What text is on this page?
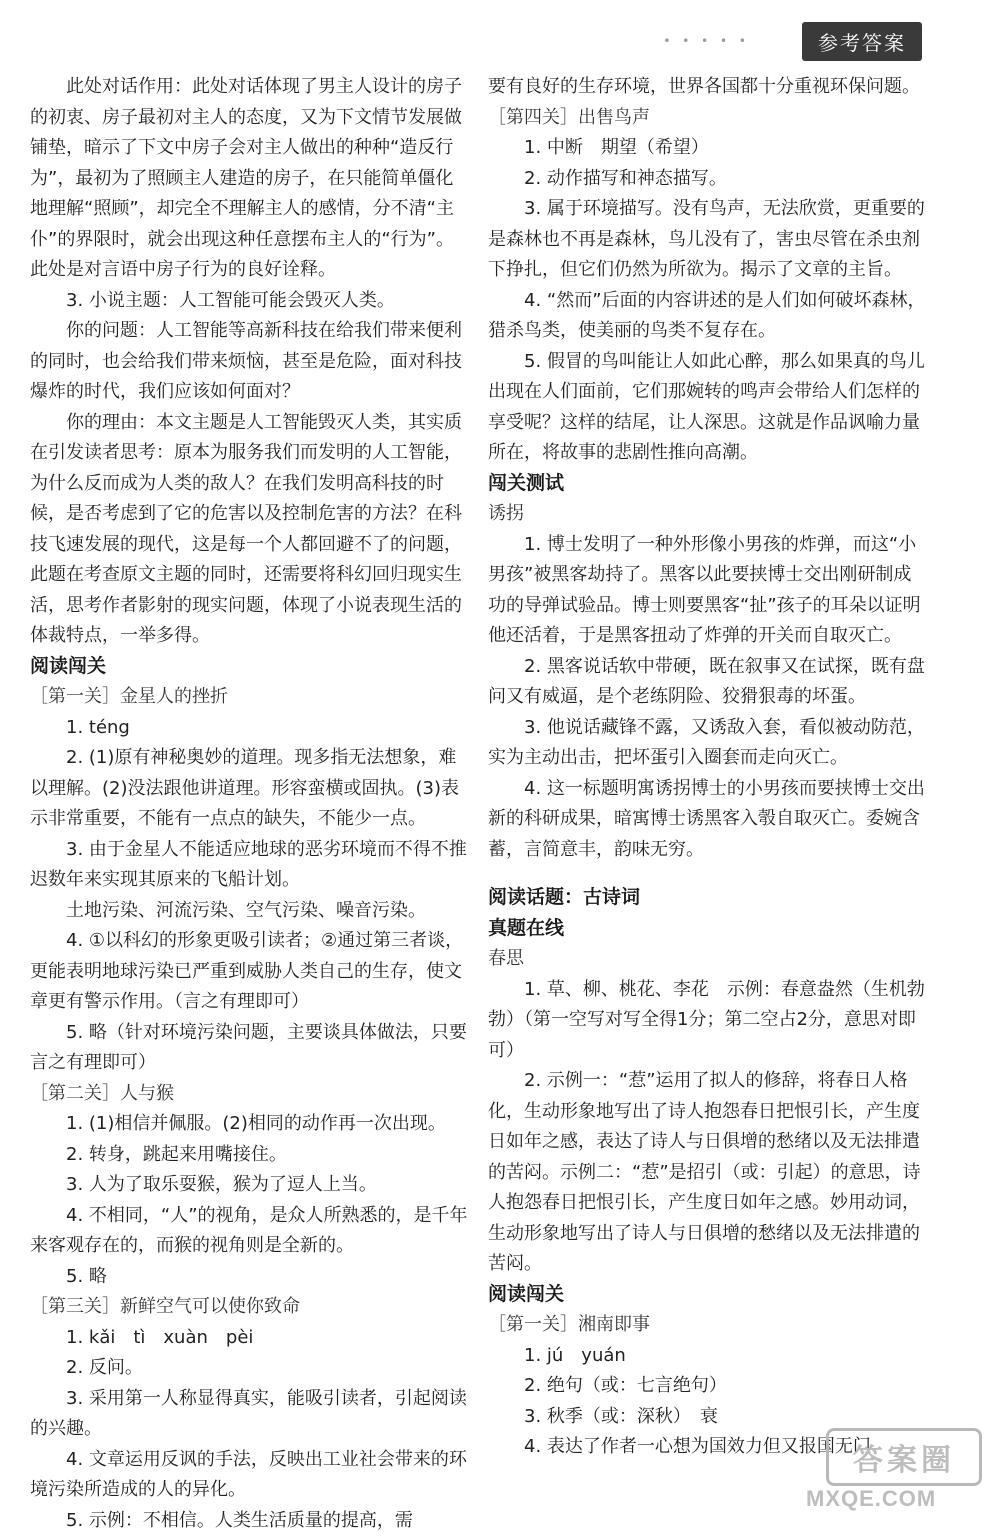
• • • • •	参考答案

此处对话作用：此处对话体现了男主人设计的房子的初衷、房子最初对主人的态度，又为下文情节发展做铺垫，暗示了下文中房子会对主人做出的种种“造反行为”，最初为了照顾主人建造的房子，在只能简单僵化地理解“照顾”，却完全不理解主人的感情，分不清“主仆”的界限时，就会出现这种任意摆布主人的“行为”。此处是对言语中房子行为的良好诠释。

3. 小说主题：人工智能可能会毁灭人类。

你的问题：人工智能等高新科技在给我们带来便利的同时，也会给我们带来烦恼，甚至是危险，面对科技爆炸的时代，我们应该如何面对？

你的理由：本文主题是人工智能毁灭人类，其实质在引发读者思考：原本为服务我们而发明的人工智能，为什么反而成为人类的敌人？在我们发明高科技的时候，是否考虑到了它的危害以及控制危害的方法？在科技飞速发展的现代，这是每一个人都回避不了的问题，此题在考查原文主题的同时，还需要将科幻回归现实生活，思考作者影射的现实问题，体现了小说表现生活的体裁特点，一举多得。

阅读闯关

［第一关］金星人的挫折

1. téng

2. (1)原有神秘奥妙的道理。现多指无法想象，难以理解。(2)没法跟他讲道理。形容蛮横或固执。(3)表示非常重要，不能有一点点的缺失，不能少一点。

3. 由于金星人不能适应地球的恶劣环境而不得不推迟数年来实现其原来的飞船计划。

土地污染、河流污染、空气污染、噪音污染。

4. ①以科幻的形象更吸引读者；②通过第三者谈，更能表明地球污染已严重到威胁人类自己的生存，使文章更有警示作用。（言之有理即可）

5. 略（针对环境污染问题，主要谈具体做法，只要言之有理即可）

［第二关］人与猴

1. (1)相信并佩服。(2)相同的动作再一次出现。

2. 转身，跳起来用嘴接住。

3. 人为了取乐耍猴，猴为了逗人上当。

4. 不相同，“人”的视角，是众人所熟悉的，是千年来客观存在的，而猴的视角则是全新的。

5. 略

［第三关］新鲜空气可以使你致命

1. kǎi　tì　xuàn　pèi

2. 反问。

3. 采用第一人称显得真实，能吸引读者，引起阅读的兴趣。

4. 文章运用反讽的手法，反映出工业社会带来的环境污染所造成的人的异化。

5. 示例：不相信。人类生活质量的提高，需

要有良好的生存环境，世界各国都十分重视环保问题。

［第四关］出售鸟声

1. 中断　期望（希望）

2. 动作描写和神态描写。

3. 属于环境描写。没有鸟声，无法欣赏，更重要的是森林也不再是森林，鸟儿没有了，害虫尽管在杀虫剂下挣扎，但它们仍然为所欲为。揭示了文章的主旨。

4. “然而”后面的内容讲述的是人们如何破坏森林，猎杀鸟类，使美丽的鸟类不复存在。

5. 假冒的鸟叫能让人如此心醉，那么如果真的鸟儿出现在人们面前，它们那婉转的鸣声会带给人们怎样的享受呢？这样的结尾，让人深思。这就是作品讽喻力量所在，将故事的悲剧性推向高潮。

闯关测试

诱拐

1. 博士发明了一种外形像小男孩的炸弹，而这“小男孩”被黑客劫持了。黑客以此要挟博士交出刚研制成功的导弹试验品。博士则要黑客“扯”孩子的耳朵以证明他还活着，于是黑客扭动了炸弹的开关而自取灭亡。

2. 黑客说话软中带硬，既在叙事又在试探，既有盘问又有威逼，是个老练阴险、狡猾狠毒的坏蛋。

3. 他说话藏锋不露，又诱敌入套，看似被动防范，实为主动出击，把坏蛋引入圈套而走向灭亡。

4. 这一标题明寓诱拐博士的小男孩而要挟博士交出新的科研成果，暗寓博士诱黑客入彀自取灭亡。委婉含蓄，言简意丰，韵味无穷。

阅读话题：古诗词

真题在线

春思

1. 草、柳、桃花、李花　示例：春意盎然（生机勃勃）（第一空写对写全得1分；第二空占2分，意思对即可）

2. 示例一：“惹”运用了拟人的修辞，将春日人格化，生动形象地写出了诗人抱怨春日把恨引长，产生度日如年之感，表达了诗人与日俱增的愁绪以及无法排遣的苦闷。示例二：“惹”是招引（或：引起）的意思，诗人抱怨春日把恨引长，产生度日如年之感。妙用动词，生动形象地写出了诗人与日俱增的愁绪以及无法排遣的苦闷。

阅读闯关

［第一关］湘南即事

1. jú　yuán

2. 绝句（或：七言绝句）

3. 秋季（或：深秋）　衰

4. 表达了作者一心想为国效力但又报国无门

答案圈
MXQE.COM
